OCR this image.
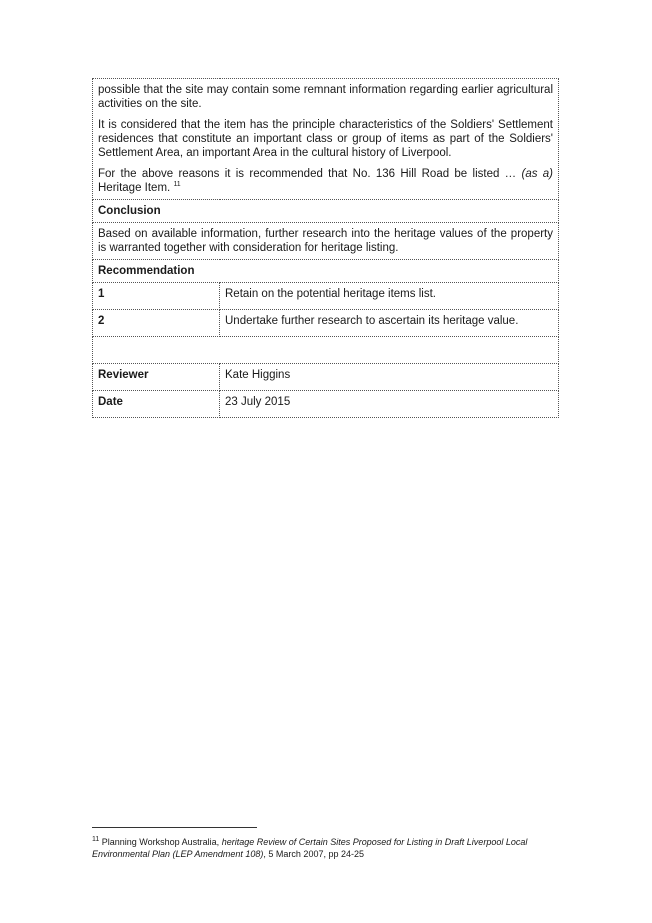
possible that the site may contain some remnant information regarding earlier agricultural activities on the site.

It is considered that the item has the principle characteristics of the Soldiers' Settlement residences that constitute an important class or group of items as part of the Soldiers' Settlement Area, an important Area in the cultural history of Liverpool.

For the above reasons it is recommended that No. 136 Hill Road be listed … (as a) Heritage Item. $^{11}$

Conclusion	

Based on available information, further research into the heritage values of the property is warranted together with consideration for heritage listing.	

Recommendation	
1	Retain on the potential heritage items list.
2	Undertake further research to ascertain its heritage value.

Reviewer	Kate Higgins
Date	23 July 2015
$^{11}$ Planning Workshop Australia, heritage Review of Certain Sites Proposed for Listing in Draft Liverpool Local Environmental Plan (LEP Amendment 108), 5 March 2007, pp 24-25
